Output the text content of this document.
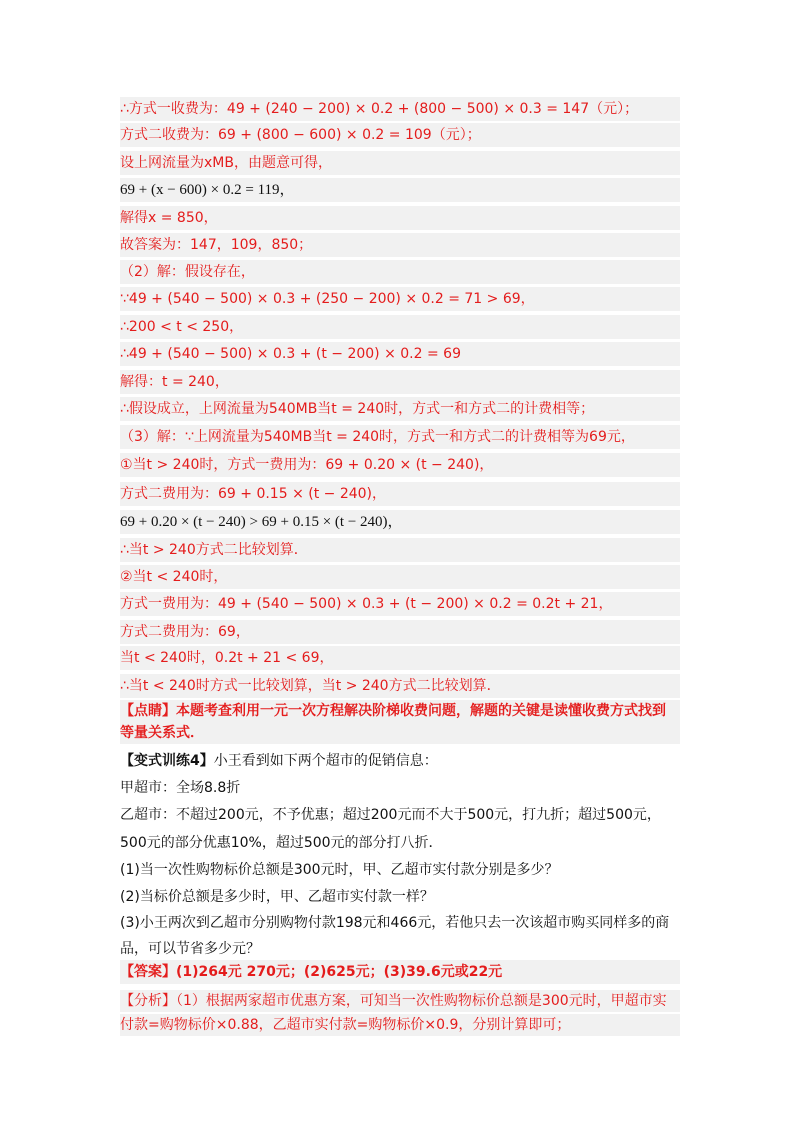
∴方式一收费为：49 + (240 − 200) × 0.2 + (800 − 500) × 0.3 = 147（元）；
方式二收费为：69 + (800 − 600) × 0.2 = 109（元）；
设上网流量为xMB，由题意可得，
69 + (x − 600) × 0.2 = 119，
解得x = 850，
故答案为：147，109，850；
（2）解：假设存在，
∵49 + (540 − 500) × 0.3 + (250 − 200) × 0.2 = 71 > 69，
∴200 < t < 250，
∴49 + (540 − 500) × 0.3 + (t − 200) × 0.2 = 69
解得：t = 240，
∴假设成立，上网流量为540MB当t = 240时，方式一和方式二的计费相等；
（3）解：∵上网流量为540MB当t = 240时，方式一和方式二的计费相等为69元，
①当t > 240时，方式一费用为：69 + 0.20 × (t − 240)，
方式二费用为：69 + 0.15 × (t − 240)，
69 + 0.20 × (t − 240) > 69 + 0.15 × (t − 240)，
∴当t > 240方式二比较划算．
②当t < 240时，
方式一费用为：49 + (540 − 500) × 0.3 + (t − 200) × 0.2 = 0.2t + 21，
方式二费用为：69，
当t < 240时，0.2t + 21 < 69，
∴当t < 240时方式一比较划算，当t > 240方式二比较划算．
【点睛】本题考查利用一元一次方程解决阶梯收费问题，解题的关键是读懂收费方式找到
等量关系式．
【变式训练4】小王看到如下两个超市的促销信息：
甲超市：全场8.8折
乙超市：不超过200元，不予优惠；超过200元而不大于500元，打九折；超过500元，
500元的部分优惠10%，超过500元的部分打八折．
(1)当一次性购物标价总额是300元时，甲、乙超市实付款分别是多少？
(2)当标价总额是多少时，甲、乙超市实付款一样？
(3)小王两次到乙超市分别购物付款198元和466元，若他只去一次该超市购买同样多的商
品，可以节省多少元？
【答案】(1)264元 270元；(2)625元；(3)39.6元或22元
【分析】（1）根据两家超市优惠方案，可知当一次性购物标价总额是300元时，甲超市实
付款=购物标价×0.88，乙超市实付款=购物标价×0.9，分别计算即可；
